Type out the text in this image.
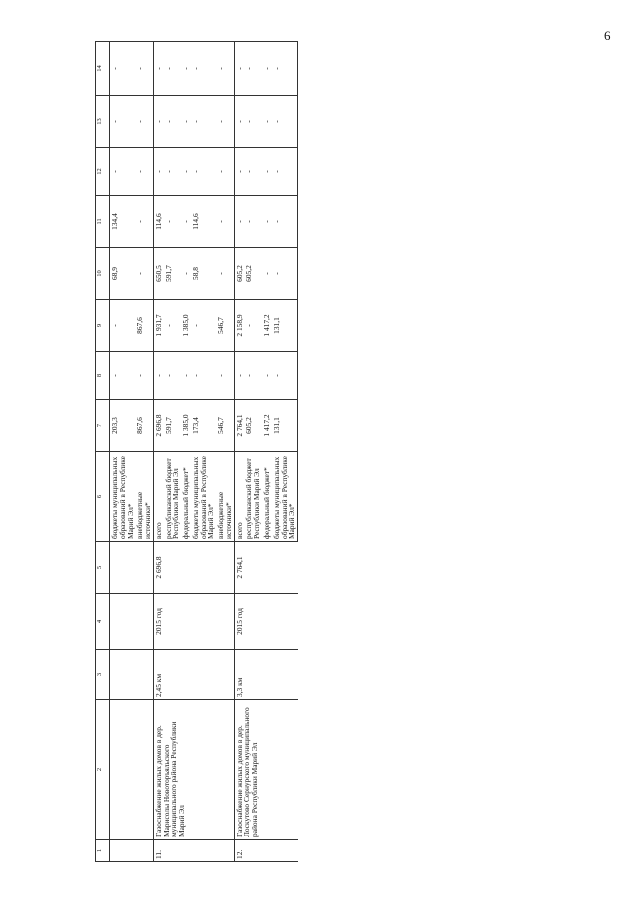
6
1	2	3	4	5	6	7	8	9	10	11	12	13	14
					бюджеты муниципальных образований в Республике Марий Эл*	203,3	-	-	68,9	134,4	-	-	-
					внебюджетные источники*	867,6	-	867,6	-	-	-	-	-
11.	Газоснабжение жилых домов в дер. Марисолы Новоторъяльского муниципального района Республики Марий Эл	2,45 км	2015 год	2 696,8	всего	2 696,8	-	1 931,7	650,5	114,6	-	-	-
					республиканский бюджет Республики Марий Эл	591,7	-	-	591,7	-	-	-	-
					федеральный бюджет*	1 385,0	-	1 385,0	-	-	-	-	-
					бюджеты муниципальных образований в Республике Марий Эл*	173,4	-	-	58,8	114,6	-	-	-
					внебюджетные источники*	546,7	-	546,7	-	-	-	-	-
12.	Газоснабжение жилых домов в дер. Лоскутово Сернурского муниципального района Республики Марий Эл	3,3 км	2015 год	2 764,1	всего	2 764,1	-	2 158,9	605,2	-	-	-	-
					республиканский бюджет Республики Марий Эл	605,2	-	-	605,2	-	-	-	-
					федеральный бюджет*	1 417,2	-	1 417,2	-	-	-	-	-
					бюджеты муниципальных образований в Республике Марий Эл*	131,1	-	131,1	-	-	-	-	-
